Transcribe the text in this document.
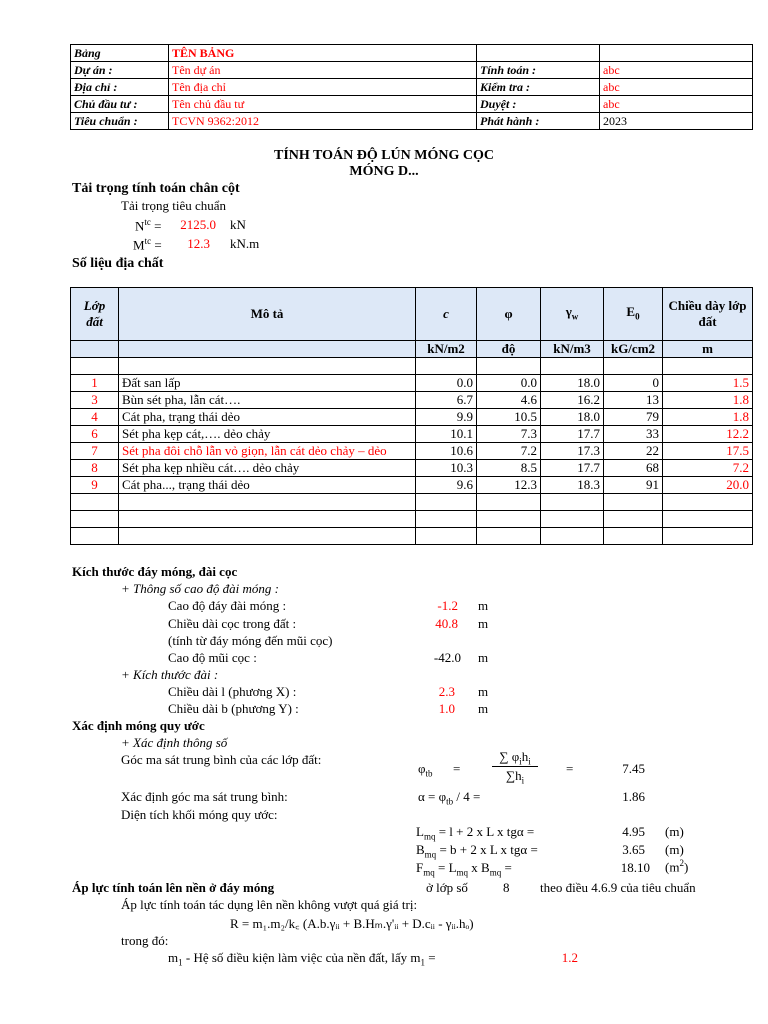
Bảng	TÊN BẢNG		
Dự án :	Tên dự án	Tính toán :	abc
Địa chỉ :	Tên địa chỉ	Kiểm tra :	abc
Chủ đầu tư :	Tên chủ đầu tư	Duyệt :	abc
Tiêu chuẩn :	TCVN 9362:2012	Phát hành :	2023
TÍNH TOÁN ĐỘ LÚN MÓNG CỌC
MÓNG D...
Tải trọng tính toán chân cột
Tải trọng tiêu chuẩn
$N^{tc}$ =	2125.0 kN
$M^{tc}$ =	12.3 kN.m
Số liệu địa chất
Lớp đất	Mô tả	c	φ	$\gamma_w$	$E_0$	Chiều dày lớp đất
		kN/m2	độ	kN/m3	kG/cm2	m

1	Đất san lấp	0.0	0.0	18.0	0	1.5
3	Bùn sét pha, lẫn cát….	6.7	4.6	16.2	13	1.8
4	Cát pha, trạng thái dẻo	9.9	10.5	18.0	79	1.8
6	Sét pha kẹp cát,…. dẻo chảy	10.1	7.3	17.7	33	12.2
7	Sét pha đôi chỗ lẫn vỏ giọn, lẫn cát dẻo chảy – dẻo	10.6	7.2	17.3	22	17.5
8	Sét pha kẹp nhiều cát…. dẻo chảy	10.3	8.5	17.7	68	7.2
9	Cát pha..., trạng thái dẻo	9.6	12.3	18.3	91	20.0

Kích thước đáy móng, đài cọc
+ Thông số cao độ đài móng :
Cao độ đáy đài móng :	-1.2 m
Chiều dài cọc trong đất :	40.8 m
(tính từ đáy móng đến mũi cọc)
Cao độ mũi cọc :	-42.0 m
+ Kích thước đài :
Chiều dài l (phương X) :	2.3 m
Chiều dài b (phương Y) :	1.0 m
Xác định móng quy ước
+ Xác định thông số
Góc ma sát trung bình của các lớp đất:
$\varphi_{tb}$ =
∑ $\varphi_ih_i$
$\sum h_i$
=	7.45
Xác định góc ma sát trung bình:	$\alpha = \varphi_{tb} / 4$ =	1.86
Diện tích khối móng quy ước:
$L_{mq} = l + 2$ x L x tgα =	4.95 (m)
$B_{mq} = b + 2$ x L x tgα =	3.65 (m)
$F_{mq} = L_{mq}$ x $B_{mq}$ =	18.10 $(m^2)$
Áp lực tính toán lên nền ở đáy móng	ở lớp số	8 theo điều 4.6.9 của tiêu chuẩn
Áp lực tính toán tác dụng lên nền không vượt quá giá trị:
R = m₁.m₂/k꜀ (A.b.γᵢᵢ + B.Hₘ.γ'ᵢᵢ + D.cᵢᵢ - γᵢᵢ.hₒ)
trong đó:
$m_1$ - Hệ số điều kiện làm việc của nền đất, lấy $m_1$ =	1.2
